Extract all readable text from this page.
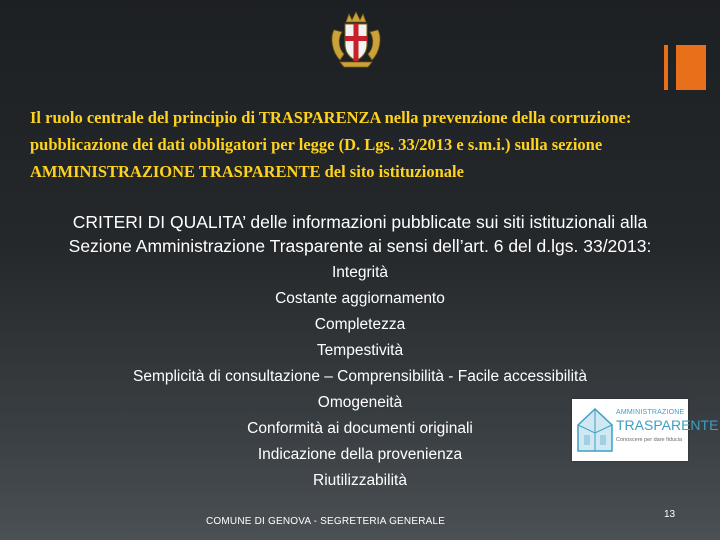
Il ruolo centrale del principio di TRASPARENZA nella prevenzione della corruzione:
pubblicazione dei dati obbligatori per legge (D. Lgs. 33/2013 e s.m.i.) sulla sezione
AMMINISTRAZIONE TRASPARENTE del sito istituzionale
CRITERI DI QUALITA’ delle informazioni pubblicate sui siti istituzionali alla
Sezione Amministrazione Trasparente ai sensi dell’art. 6 del d.lgs. 33/2013:
Integrità
Costante aggiornamento
Completezza
Tempestività
Semplicità di consultazione – Comprensibilità - Facile accessibilità
Omogeneità
Conformità ai documenti originali
Indicazione della provenienza
Riutilizzabilità
AMMINISTRAZIONE
TRASPARENTE
Conoscere per dare fiducia
COMUNE DI GENOVA - SEGRETERIA GENERALE
13
